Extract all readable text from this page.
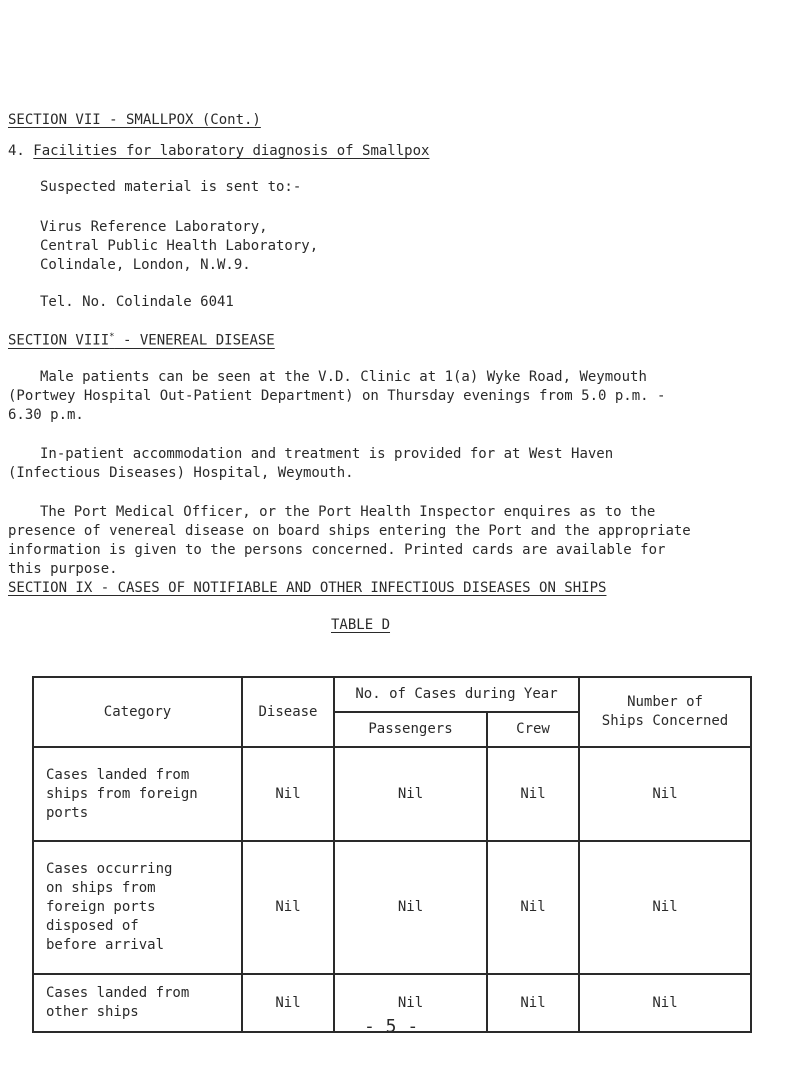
SECTION VII - SMALLPOX (Cont.)
4. Facilities for laboratory diagnosis of Smallpox
Suspected material is sent to:-
Virus Reference Laboratory,
Central Public Health Laboratory,
Colindale, London, N.W.9.
Tel. No. Colindale 6041
SECTION VIII* - VENEREAL DISEASE
Male patients can be seen at the V.D. Clinic at 1(a) Wyke Road, Weymouth
(Portwey Hospital Out-Patient Department) on Thursday evenings from 5.0 p.m. -
6.30 p.m.
In-patient accommodation and treatment is provided for at West Haven
(Infectious Diseases) Hospital, Weymouth.
The Port Medical Officer, or the Port Health Inspector enquires as to the
presence of venereal disease on board ships entering the Port and the appropriate
information is given to the persons concerned. Printed cards are available for
this purpose.
SECTION IX - CASES OF NOTIFIABLE AND OTHER INFECTIOUS DISEASES ON SHIPS
TABLE D
Category	Disease	No. of Cases during Year		Number of
Ships Concerned

		Passengers	Crew	

Cases landed from
ships from foreign
ports	Nil	Nil	Nil	Nil

Cases occurring
on ships from
foreign ports
disposed of
before arrival	Nil	Nil	Nil	Nil

Cases landed from
other ships	Nil	Nil	Nil	Nil
- 5 -
